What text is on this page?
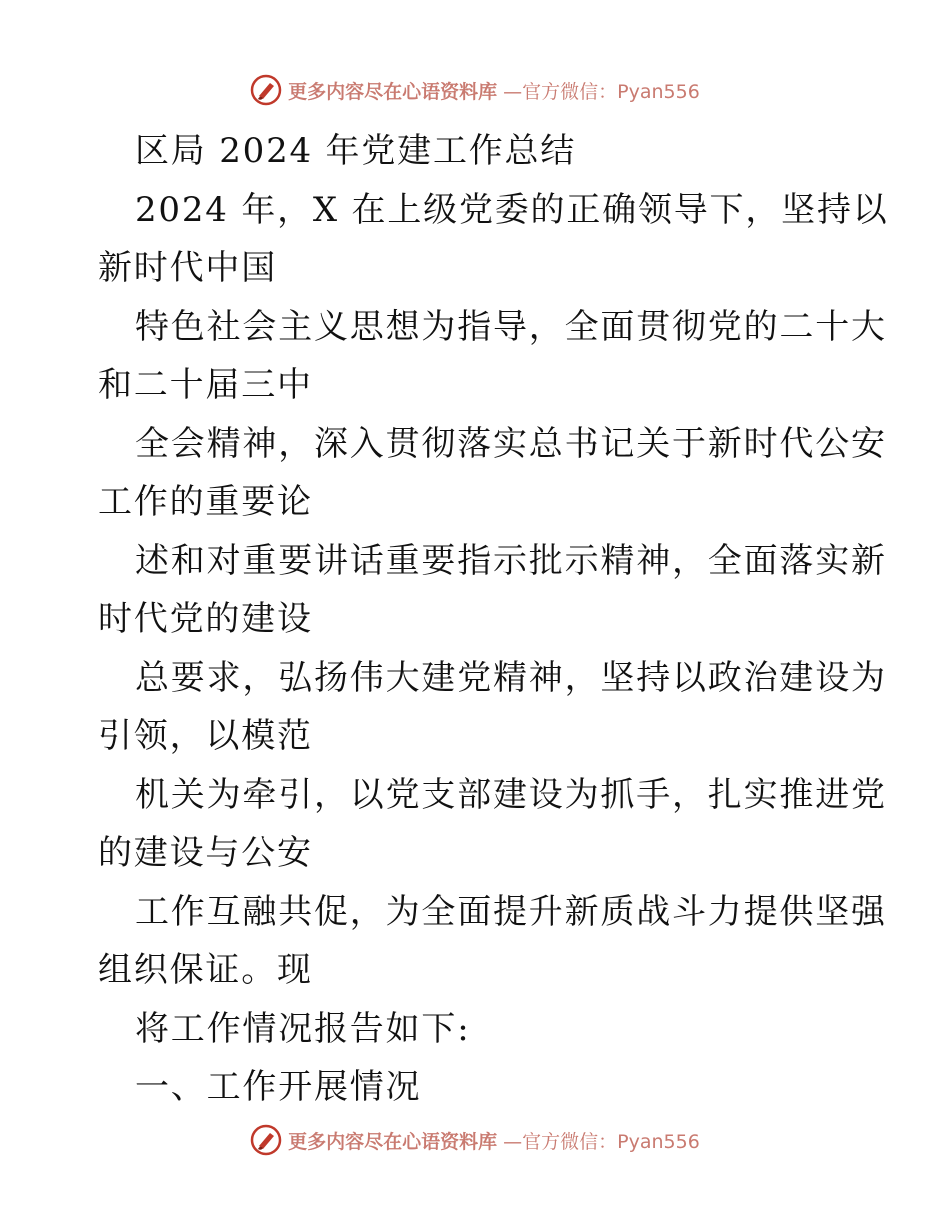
更多内容尽在心语资料库 —官方微信：Pyan556
区局 2024 年党建工作总结
2024 年，X 在上级党委的正确领导下，坚持以
新时代中国
特色社会主义思想为指导，全面贯彻党的二十大
和二十届三中
全会精神，深入贯彻落实总书记关于新时代公安
工作的重要论
述和对重要讲话重要指示批示精神，全面落实新
时代党的建设
总要求，弘扬伟大建党精神，坚持以政治建设为
引领，以模范
机关为牵引，以党支部建设为抓手，扎实推进党
的建设与公安
工作互融共促，为全面提升新质战斗力提供坚强
组织保证。现
将工作情况报告如下:
一、工作开展情况
更多内容尽在心语资料库 —官方微信：Pyan556
